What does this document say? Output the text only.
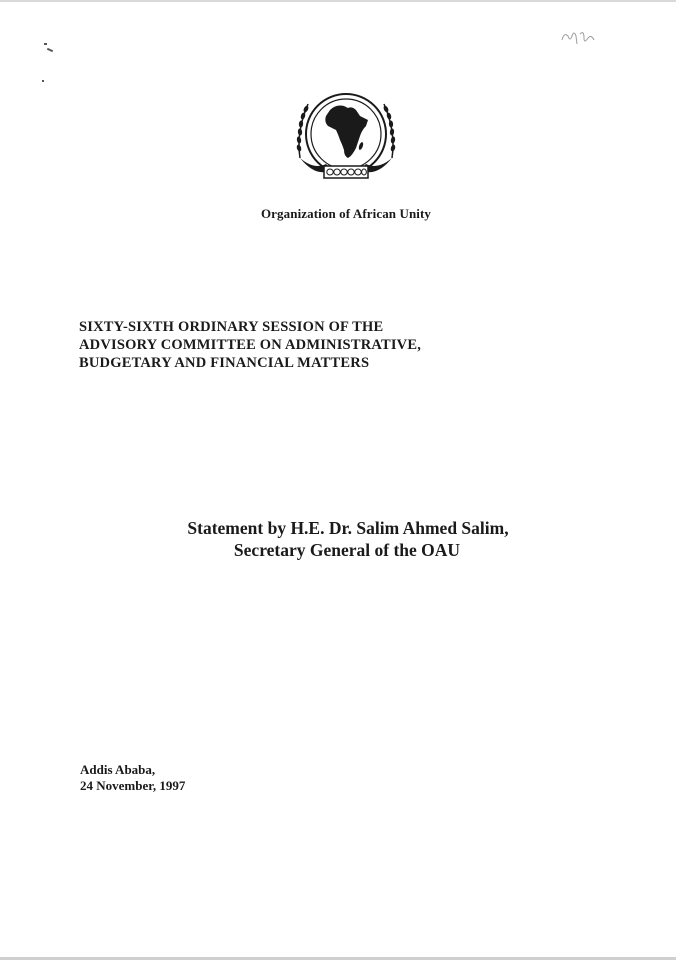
Organization of African Unity
SIXTY-SIXTH ORDINARY SESSION OF THE
ADVISORY COMMITTEE ON ADMINISTRATIVE,
BUDGETARY AND FINANCIAL MATTERS
Statement by H.E. Dr. Salim Ahmed Salim,
Secretary General of the OAU
Addis Ababa,
24 November, 1997
